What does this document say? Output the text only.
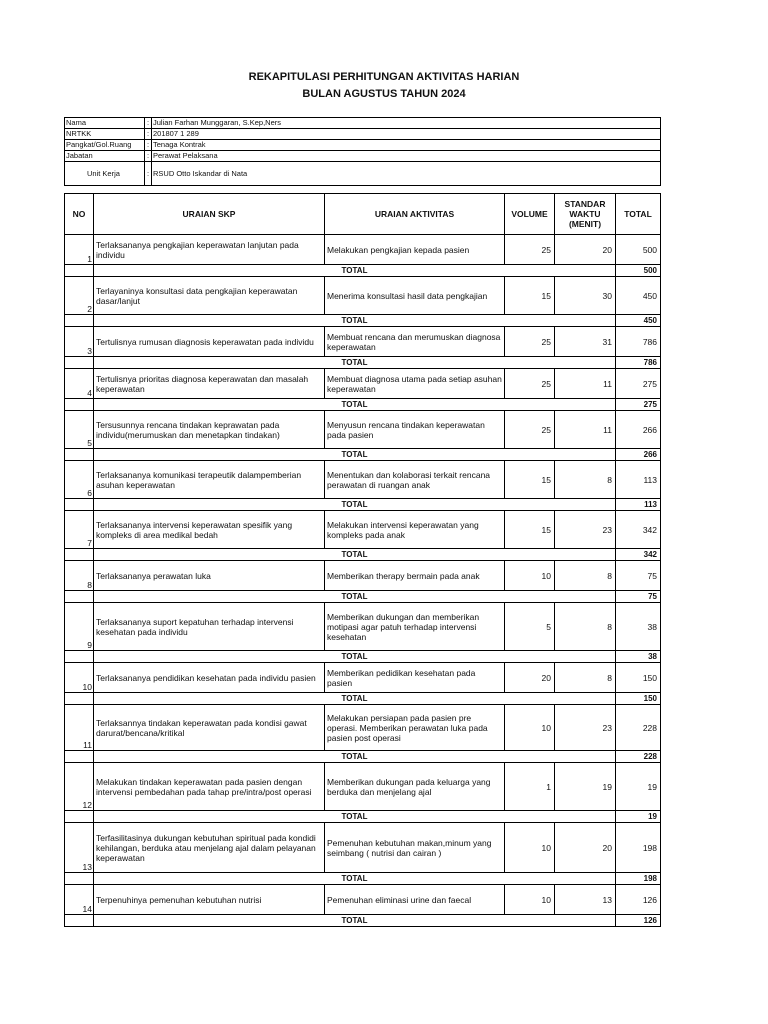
REKAPITULASI PERHITUNGAN AKTIVITAS HARIAN
BULAN AGUSTUS TAHUN 2024
Nama	:	Julian Farhan Munggaran, S.Kep,Ners
NRTKK	:	201807 1 289
Pangkat/Gol.Ruang	:	Tenaga Kontrak
Jabatan	:	Perawat Pelaksana
Unit Kerja	:	RSUD Otto Iskandar di Nata
NO	URAIAN SKP	URAIAN AKTIVITAS	VOLUME	STANDAR WAKTU (MENIT)	TOTAL
1	Terlaksananya pengkajian keperawatan lanjutan pada individu	Melakukan pengkajian kepada pasien	25	20	500
	TOTAL				500
2	Terlayaninya konsultasi data pengkajian keperawatan dasar/lanjut	Menerima konsultasi hasil data pengkajian	15	30	450
	TOTAL				450
3	Tertulisnya rumusan diagnosis keperawatan pada individu	Membuat rencana dan merumuskan diagnosa keperawatan	25	31	786
	TOTAL				786
4	Tertulisnya prioritas diagnosa keperawatan dan masalah keperawatan	Membuat diagnosa utama pada setiap asuhan keperawatan	25	11	275
	TOTAL				275
5	Tersusunnya rencana tindakan keprawatan pada individu(merumuskan dan menetapkan tindakan)	Menyusun rencana tindakan keperawatan pada pasien	25	11	266
	TOTAL				266
6	Terlaksananya komunikasi terapeutik dalampemberian asuhan keperawatan	Menentukan dan kolaborasi terkait rencana perawatan di ruangan anak	15	8	113
	TOTAL				113
7	Terlaksananya intervensi keperawatan spesifik yang kompleks di area medikal bedah	Melakukan intervensi keperawatan yang kompleks pada anak	15	23	342
	TOTAL				342
8	Terlaksananya perawatan luka	Memberikan therapy bermain pada anak	10	8	75
	TOTAL				75
9	Terlaksananya suport kepatuhan terhadap intervensi kesehatan pada individu	Memberikan dukungan dan memberikan motipasi agar patuh terhadap intervensi kesehatan	5	8	38
	TOTAL				38
10	Terlaksananya pendidikan kesehatan pada individu pasien	Memberikan pedidikan kesehatan pada pasien	20	8	150
	TOTAL				150
11	Terlaksannya tindakan keperawatan pada kondisi gawat darurat/bencana/kritikal	Melakukan persiapan pada pasien pre operasi. Memberikan perawatan luka pada pasien post operasi	10	23	228
	TOTAL				228
12	Melakukan tindakan keperawatan pada pasien dengan intervensi pembedahan pada tahap pre/intra/post operasi	Memberikan dukungan pada keluarga yang berduka dan menjelang ajal	1	19	19
	TOTAL				19
13	Terfasilitasinya dukungan kebutuhan spiritual pada kondidi kehilangan, berduka atau menjelang ajal dalam pelayanan keperawatan	Pemenuhan kebutuhan makan,minum yang seimbang ( nutrisi dan cairan )	10	20	198
	TOTAL				198
14	Terpenuhinya pemenuhan kebutuhan nutrisi	Pemenuhan eliminasi urine dan faecal	10	13	126
	TOTAL				126
